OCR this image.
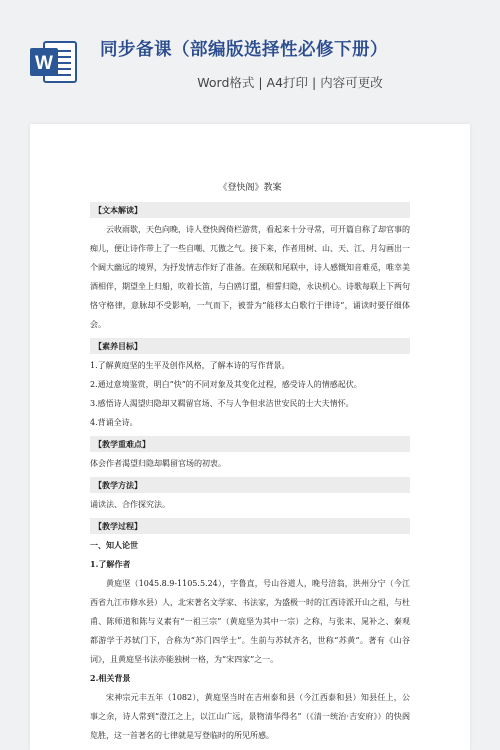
W
同步备课（部编版选择性必修下册）
Word格式 | A4打印 | 内容可更改
《登快阁》教案
【文本解读】

云收雨歇，天色向晚，诗人登快阁倚栏游赏，看起来十分寻常，可开篇自称了却官事的痴儿，便让诗作带上了一些自嘲、兀傲之气。接下来，作者用树、山、天、江、月勾画出一个阔大幽远的境界，为抒发情志作好了准备。在颈联和尾联中，诗人感慨知音难觅，唯幸美酒相伴，期望坐上归船，吹着长笛，与白鸥订盟，相誓归隐，永诀机心。诗歌每联上下两句恪守格律，意脉却不受影响，一气而下，被誉为“能移太白歌行于律诗”，诵读时要仔细体会。

【素养目标】

1.了解黄庭坚的生平及创作风格，了解本诗的写作背景。

2.通过意境鉴赏，明白“快”的不同对象及其变化过程，感受诗人的情感起伏。

3.感悟诗人渴望归隐却又羁留官场、不与人争但求洁世安民的士大夫情怀。

4.背诵全诗。

【教学重难点】

体会作者渴望归隐却羁留官场的初衷。

【教学方法】

诵读法、合作探究法。

【教学过程】

一、知人论世

1.了解作者

黄庭坚（1045.8.9-1105.5.24），字鲁直，号山谷道人，晚号涪翁，洪州分宁（今江西省九江市修水县）人，北宋著名文学家、书法家，为盛极一时的江西诗派开山之祖，与杜甫、陈师道和陈与义素有“一祖三宗”（黄庭坚为其中一宗）之称，与张耒、晁补之、秦观都游学于苏轼门下，合称为“苏门四学士”。生前与苏轼齐名，世称“苏黄”。著有《山谷词》，且黄庭坚书法亦能独树一格，为“宋四家”之一。

2.相关背景

宋神宗元丰五年（1082），黄庭坚当时在吉州泰和县（今江西泰和县）知县任上，公事之余，诗人常到“澄江之上，以江山广远，景物清华得名”（《清一统治·吉安府》）的快阁览胜，这一首著名的七律就是写登临时的所见所感。
